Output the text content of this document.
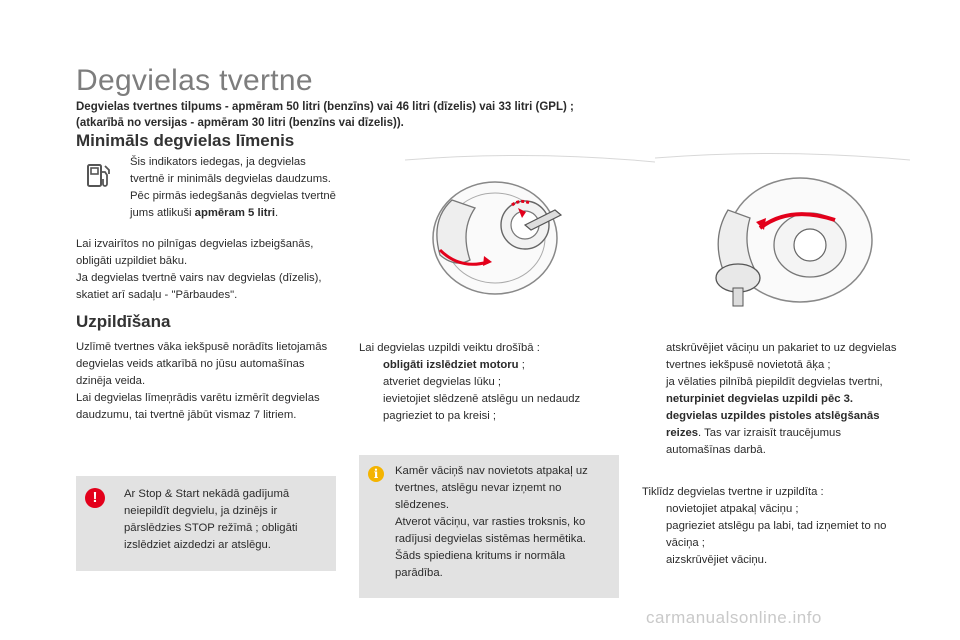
Degvielas tvertne
Degvielas tvertnes tilpums - apmēram 50 litri (benzīns) vai 46 litri (dīzelis) vai 33 litri (GPL) ;
(atkarībā no versijas - apmēram 30 litri (benzīns vai dīzelis)).
Minimāls degvielas līmenis
Šis indikators iedegas, ja degvielas tvertnē ir minimāls degvielas daudzums. Pēc pirmās iedegšanās degvielas tvertnē jums atlikuši apmēram 5 litri.
Lai izvairītos no pilnīgas degvielas izbeigšanās, obligāti uzpildiet bāku.
Ja degvielas tvertnē vairs nav degvielas (dīzelis), skatiet arī sadaļu - "Pārbaudes".
Uzpildīšana
Uzlīmē tvertnes vāka iekšpusē norādīts lietojamās degvielas veids atkarībā no jūsu automašīnas dzinēja veida.
Lai degvielas līmeņrādis varētu izmērīt degvielas daudzumu, tai tvertnē jābūt vismaz 7 litriem.
!	Ar Stop & Start nekādā gadījumā neiepildīt degvielu, ja dzinējs ir pārslēdzies STOP režīmā ; obligāti izslēdziet aizdedzi ar atslēgu.
Lai degvielas uzpildi veiktu drošībā :
obligāti izslēdziet motoru ;
atveriet degvielas lūku ;
ievietojiet slēdzenē atslēgu un nedaudz pagrieziet to pa kreisi ;
i	Kamēr vāciņš nav novietots atpakaļ uz tvertnes, atslēgu nevar izņemt no slēdzenes.
Atverot vāciņu, var rasties troksnis, ko radījusi degvielas sistēmas hermētika. Šāds spiediena kritums ir normāla parādība.
atskrūvējiet vāciņu un pakariet to uz degvielas tvertnes iekšpusē novietotā āķa ;
ja vēlaties pilnībā piepildīt degvielas tvertni, neturpiniet degvielas uzpildi pēc 3. degvielas uzpildes pistoles atslēgšanās reizes. Tas var izraisīt traucējumus automašīnas darbā.
Tiklīdz degvielas tvertne ir uzpildīta :
novietojiet atpakaļ vāciņu ;
pagrieziet atslēgu pa labi, tad izņemiet to no vāciņa ;
aizskrūvējiet vāciņu.
carmanualsonline.info
